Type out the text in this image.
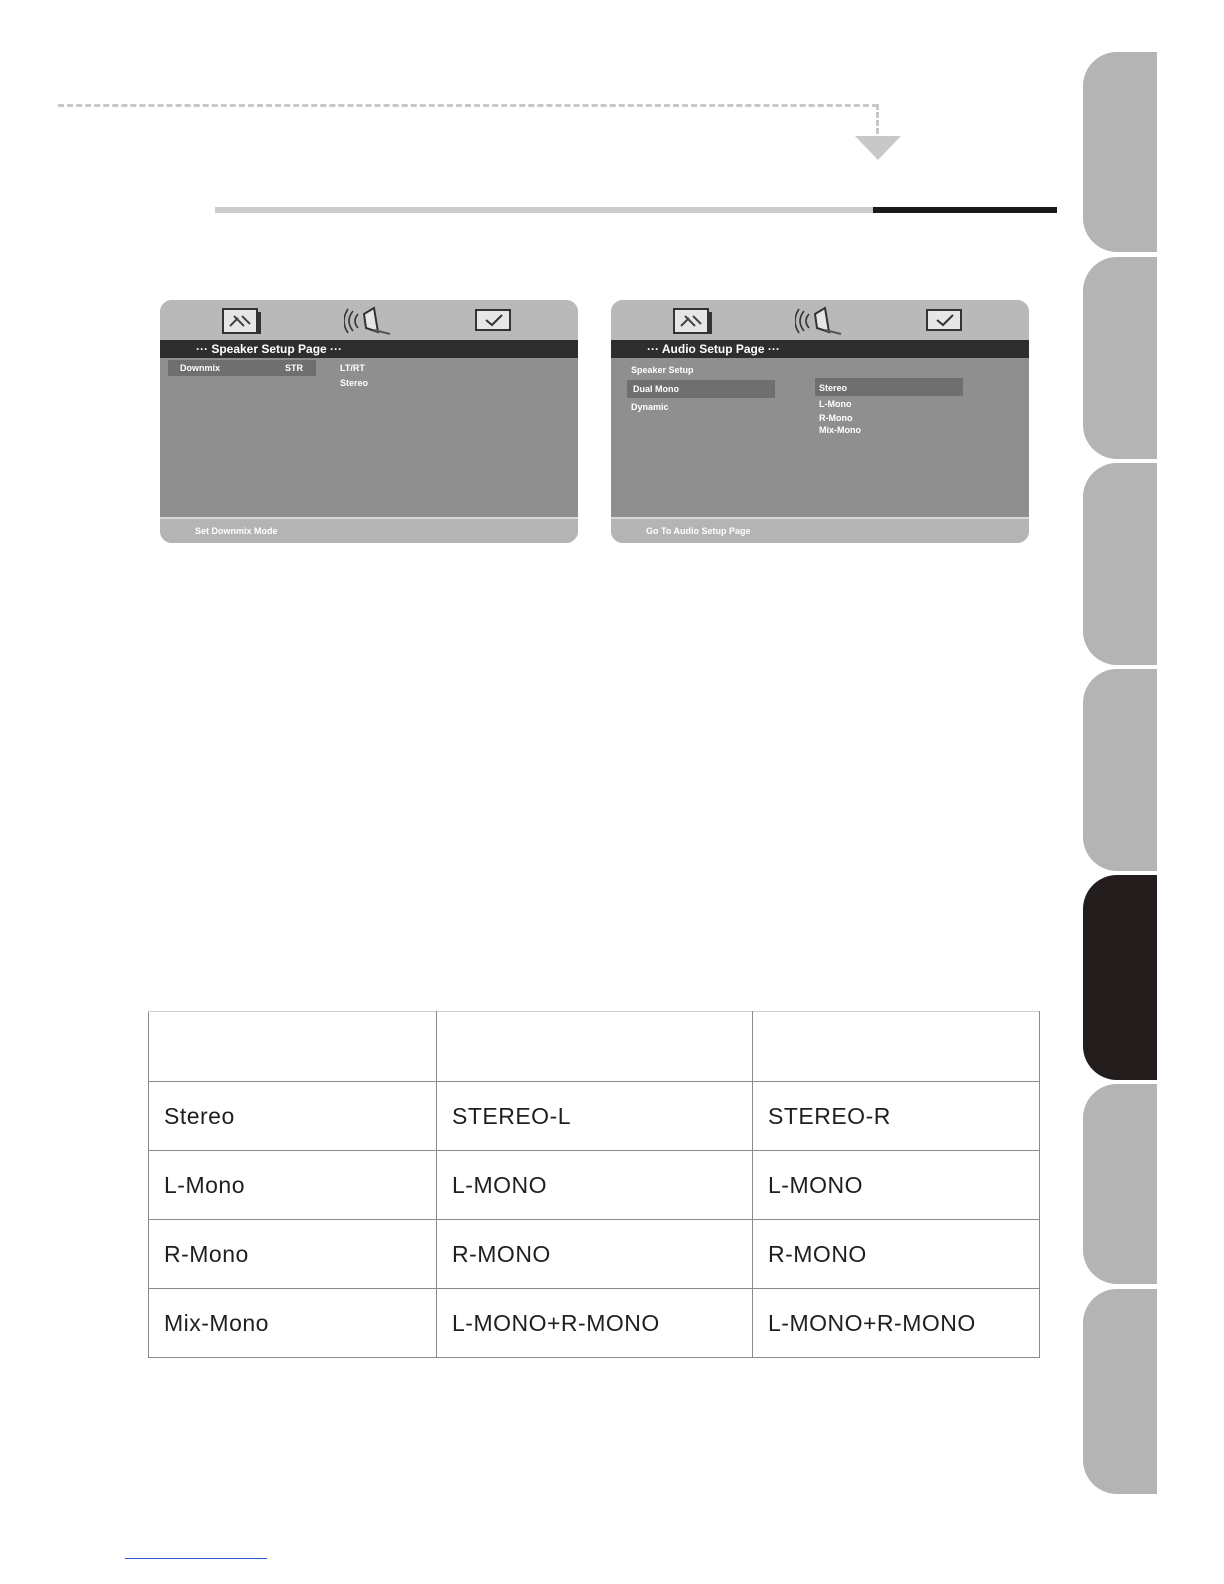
··· Speaker Setup Page ···
Downmix	STR	LT/RT
Stereo
Set Downmix Mode
··· Audio Setup Page ···
Speaker Setup
Dual Mono
Dynamic
Stereo
L-Mono
R-Mono
Mix-Mono
Go To Audio Setup Page

Stereo	STEREO-L	STEREO-R
L-Mono	L-MONO	L-MONO
R-Mono	R-MONO	R-MONO
Mix-Mono	L-MONO+R-MONO	L-MONO+R-MONO
